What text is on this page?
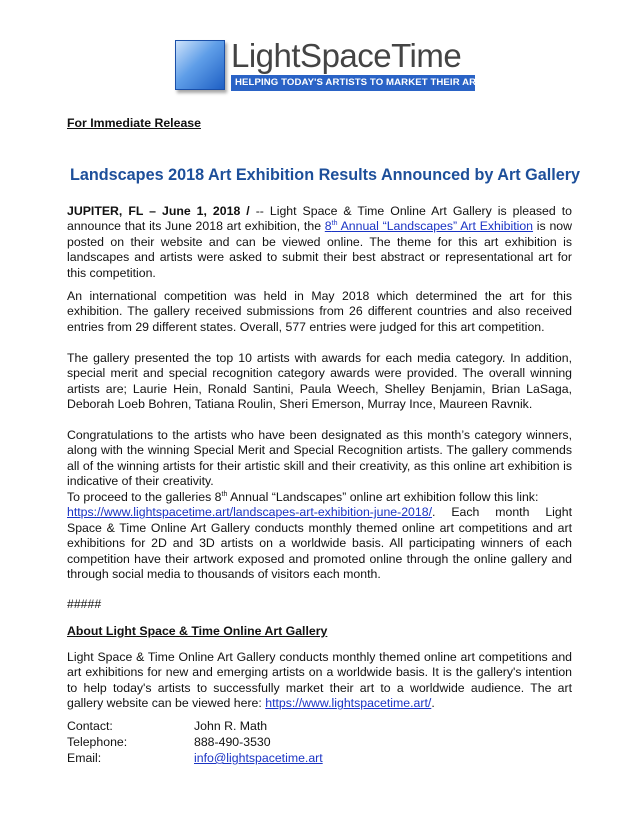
LightSpaceTime
HELPING TODAY'S ARTISTS TO MARKET THEIR ART
For Immediate Release
Landscapes 2018 Art Exhibition Results Announced by Art Gallery

JUPITER, FL – June 1, 2018 / -- Light Space & Time Online Art Gallery is pleased to announce that its June 2018 art exhibition, the 8th Annual “Landscapes” Art Exhibition is now posted on their website and can be viewed online. The theme for this art exhibition is landscapes and artists were asked to submit their best abstract or representational art for this competition.

An international competition was held in May 2018 which determined the art for this exhibition. The gallery received submissions from 26 different countries and also received entries from 29 different states. Overall, 577 entries were judged for this art competition.

The gallery presented the top 10 artists with awards for each media category. In addition, special merit and special recognition category awards were provided. The overall winning artists are; Laurie Hein, Ronald Santini, Paula Weech, Shelley Benjamin, Brian LaSaga, Deborah Loeb Bohren, Tatiana Roulin, Sheri Emerson, Murray Ince, Maureen Ravnik.

Congratulations to the artists who have been designated as this month’s category winners, along with the winning Special Merit and Special Recognition artists. The gallery commends all of the winning artists for their artistic skill and their creativity, as this online art exhibition is indicative of their creativity.

To proceed to the galleries 8th Annual “Landscapes” online art exhibition follow this link:
https://www.lightspacetime.art/landscapes-art-exhibition-june-2018/. Each month Light Space & Time Online Art Gallery conducts monthly themed online art competitions and art exhibitions for 2D and 3D artists on a worldwide basis. All participating winners of each competition have their artwork exposed and promoted online through the online gallery and through social media to thousands of visitors each month.

#####
About Light Space & Time Online Art Gallery

Light Space & Time Online Art Gallery conducts monthly themed online art competitions and art exhibitions for new and emerging artists on a worldwide basis. It is the gallery's intention to help today's artists to successfully market their art to a worldwide audience. The art gallery website can be viewed here: https://www.lightspacetime.art/.

Contact:	John R. Math
Telephone:	888-490-3530
Email:	info@lightspacetime.art
